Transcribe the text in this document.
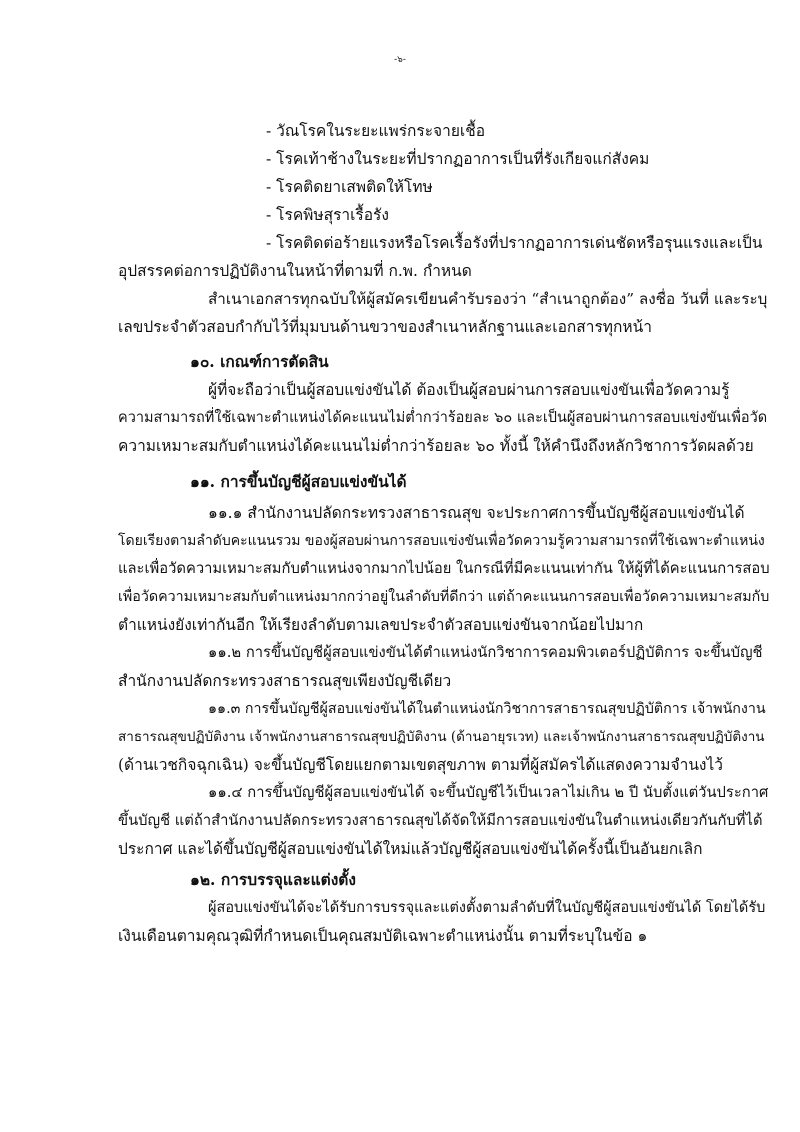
-๖-
- วัณโรคในระยะแพร่กระจายเชื้อ
- โรคเท้าช้างในระยะที่ปรากฏอาการเป็นที่รังเกียจแก่สังคม
- โรคติดยาเสพติดให้โทษ
- โรคพิษสุราเรื้อรัง
- โรคติดต่อร้ายแรงหรือโรคเรื้อรังที่ปรากฏอาการเด่นชัดหรือรุนแรงและเป็น
อุปสรรคต่อการปฏิบัติงานในหน้าที่ตามที่ ก.พ. กำหนด
สำเนาเอกสารทุกฉบับให้ผู้สมัครเขียนคำรับรองว่า “สำเนาถูกต้อง” ลงชื่อ วันที่ และระบุ
เลขประจำตัวสอบกำกับไว้ที่มุมบนด้านขวาของสำเนาหลักฐานและเอกสารทุกหน้า
๑๐. เกณฑ์การตัดสิน
ผู้ที่จะถือว่าเป็นผู้สอบแข่งขันได้ ต้องเป็นผู้สอบผ่านการสอบแข่งขันเพื่อวัดความรู้
ความสามารถที่ใช้เฉพาะตำแหน่งได้คะแนนไม่ต่ำกว่าร้อยละ ๖๐ และเป็นผู้สอบผ่านการสอบแข่งขันเพื่อวัด
ความเหมาะสมกับตำแหน่งได้คะแนนไม่ต่ำกว่าร้อยละ ๖๐ ทั้งนี้ ให้คำนึงถึงหลักวิชาการวัดผลด้วย
๑๑. การขึ้นบัญชีผู้สอบแข่งขันได้
๑๑.๑ สำนักงานปลัดกระทรวงสาธารณสุข จะประกาศการขึ้นบัญชีผู้สอบแข่งขันได้
โดยเรียงตามลำดับคะแนนรวม ของผู้สอบผ่านการสอบแข่งขันเพื่อวัดความรู้ความสามารถที่ใช้เฉพาะตำแหน่ง
และเพื่อวัดความเหมาะสมกับตำแหน่งจากมากไปน้อย ในกรณีที่มีคะแนนเท่ากัน ให้ผู้ที่ได้คะแนนการสอบ
เพื่อวัดความเหมาะสมกับตำแหน่งมากกว่าอยู่ในลำดับที่ดีกว่า แต่ถ้าคะแนนการสอบเพื่อวัดความเหมาะสมกับ
ตำแหน่งยังเท่ากันอีก ให้เรียงลำดับตามเลขประจำตัวสอบแข่งขันจากน้อยไปมาก
๑๑.๒ การขึ้นบัญชีผู้สอบแข่งขันได้ตำแหน่งนักวิชาการคอมพิวเตอร์ปฏิบัติการ จะขึ้นบัญชี
สำนักงานปลัดกระทรวงสาธารณสุขเพียงบัญชีเดียว
๑๑.๓ การขึ้นบัญชีผู้สอบแข่งขันได้ในตำแหน่งนักวิชาการสาธารณสุขปฏิบัติการ เจ้าพนักงาน
สาธารณสุขปฏิบัติงาน เจ้าพนักงานสาธารณสุขปฏิบัติงาน (ด้านอายุรเวท) และเจ้าพนักงานสาธารณสุขปฏิบัติงาน
(ด้านเวชกิจฉุกเฉิน) จะขึ้นบัญชีโดยแยกตามเขตสุขภาพ ตามที่ผู้สมัครได้แสดงความจำนงไว้
๑๑.๔ การขึ้นบัญชีผู้สอบแข่งขันได้ จะขึ้นบัญชีไว้เป็นเวลาไม่เกิน ๒ ปี นับตั้งแต่วันประกาศ
ขึ้นบัญชี แต่ถ้าสำนักงานปลัดกระทรวงสาธารณสุขได้จัดให้มีการสอบแข่งขันในตำแหน่งเดียวกันกับที่ได้
ประกาศ และได้ขึ้นบัญชีผู้สอบแข่งขันได้ใหม่แล้วบัญชีผู้สอบแข่งขันได้ครั้งนี้เป็นอันยกเลิก
๑๒. การบรรจุและแต่งตั้ง
ผู้สอบแข่งขันได้จะได้รับการบรรจุและแต่งตั้งตามลำดับที่ในบัญชีผู้สอบแข่งขันได้ โดยได้รับ
เงินเดือนตามคุณวุฒิที่กำหนดเป็นคุณสมบัติเฉพาะตำแหน่งนั้น ตามที่ระบุในข้อ ๑
